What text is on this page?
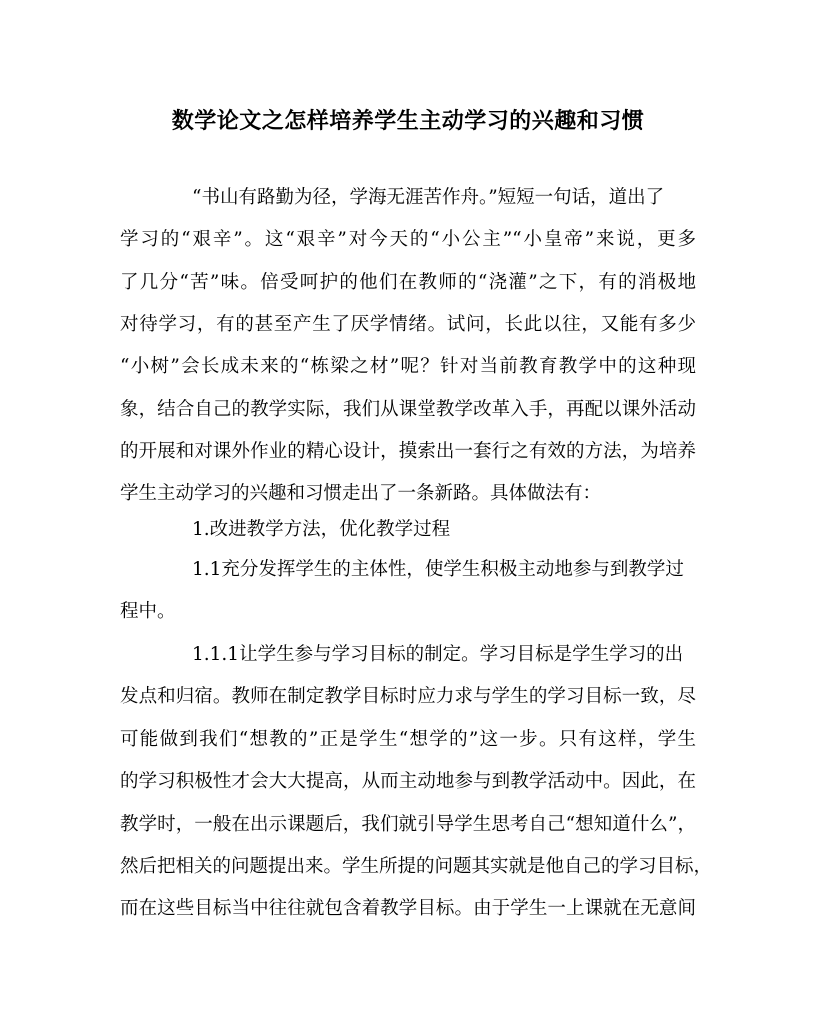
数学论文之怎样培养学生主动学习的兴趣和习惯
“书山有路勤为径，学海无涯苦作舟。”短短一句话，道出了
学习的“艰辛”。这“艰辛”对今天的“小公主”“小皇帝”来说，更多
了几分“苦”味。倍受呵护的他们在教师的“浇灌”之下，有的消极地
对待学习，有的甚至产生了厌学情绪。试问，长此以往，又能有多少
“小树”会长成未来的“栋梁之材”呢？针对当前教育教学中的这种现
象，结合自己的教学实际，我们从课堂教学改革入手，再配以课外活动
的开展和对课外作业的精心设计，摸索出一套行之有效的方法，为培养
学生主动学习的兴趣和习惯走出了一条新路。具体做法有：
1.改进教学方法，优化教学过程
1.1充分发挥学生的主体性，使学生积极主动地参与到教学过
程中。
1.1.1让学生参与学习目标的制定。学习目标是学生学习的出
发点和归宿。教师在制定教学目标时应力求与学生的学习目标一致，尽
可能做到我们“想教的”正是学生“想学的”这一步。只有这样，学生
的学习积极性才会大大提高，从而主动地参与到教学活动中。因此，在
教学时，一般在出示课题后，我们就引导学生思考自己“想知道什么”，
然后把相关的问题提出来。学生所提的问题其实就是他自己的学习目标，
而在这些目标当中往往就包含着教学目标。由于学生一上课就在无意间
